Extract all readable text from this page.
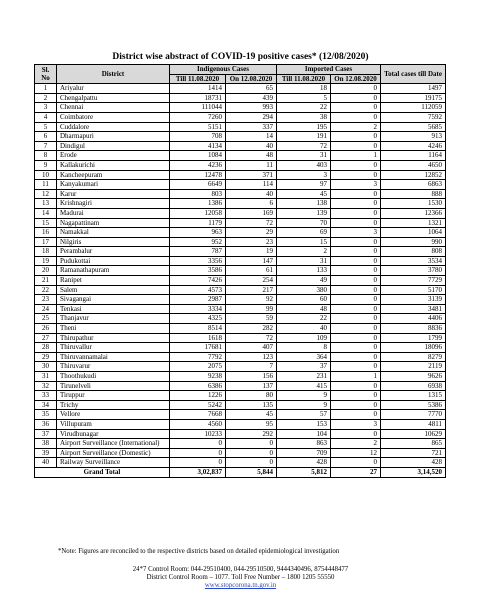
District wise abstract of COVID-19 positive cases* (12/08/2020)
Sl. No	District	Indigenous Cases		Imported Cases		Total cases till Date
		Till 11.08.2020	On 12.08.2020	Till 11.08.2020	On 12.08.2020	
1	Ariyalur	1414	65	18	0	1497
2	Chengalpattu	18731	439	5	0	19175
3	Chennai	111044	993	22	0	112059
4	Coimbatore	7260	294	38	0	7592
5	Cuddalore	5151	337	195	2	5685
6	Dharmapuri	708	14	191	0	913
7	Dindigul	4134	40	72	0	4246
8	Erode	1084	48	31	1	1164
9	Kallakurichi	4236	11	403	0	4650
10	Kancheepuram	12478	371	3	0	12852
11	Kanyakumari	6649	114	97	3	6863
12	Karur	803	40	45	0	888
13	Krishnagiri	1386	6	138	0	1530
14	Madurai	12058	169	139	0	12366
15	Nagapattinam	1179	72	70	0	1321
16	Namakkal	963	29	69	3	1064
17	Nilgiris	952	23	15	0	990
18	Perambalur	787	19	2	0	808
19	Pudukottai	3356	147	31	0	3534
20	Ramanathapuram	3586	61	133	0	3780
21	Ranipet	7426	254	49	0	7729
22	Salem	4573	217	380	0	5170
23	Sivagangai	2987	92	60	0	3139
24	Tenkasi	3334	99	48	0	3481
25	Thanjavur	4325	59	22	0	4406
26	Theni	8514	282	40	0	8836
27	Thirupathur	1618	72	109	0	1799
28	Thiruvallur	17681	407	8	0	18096
29	Thiruvannamalai	7792	123	364	0	8279
30	Thiruvarur	2075	7	37	0	2119
31	Thoothukudi	9238	156	231	1	9626
32	Tirunelveli	6386	137	415	0	6938
33	Tiruppur	1226	80	9	0	1315
34	Trichy	5242	135	9	0	5386
35	Vellore	7668	45	57	0	7770
36	Villupuram	4560	95	153	3	4811
37	Virudhunagar	10233	292	104	0	10629
38	Airport Surveillance (International)	0	0	863	2	865
39	Airport Surveillance (Domestic)	0	0	709	12	721
40	Railway Surveillance	0	0	428	0	428
Grand Total		3,02,837	5,844	5,812	27	3,14,520
*Note: Figures are reconciled to the respective districts based on detailed epidemiological investigation
24*7 Control Room: 044-29510400, 044-29510500, 9444340496, 8754448477
District Control Room – 1077. Toll Free Number – 1800 1205 55550
www.stopcorona.tn.gov.in
